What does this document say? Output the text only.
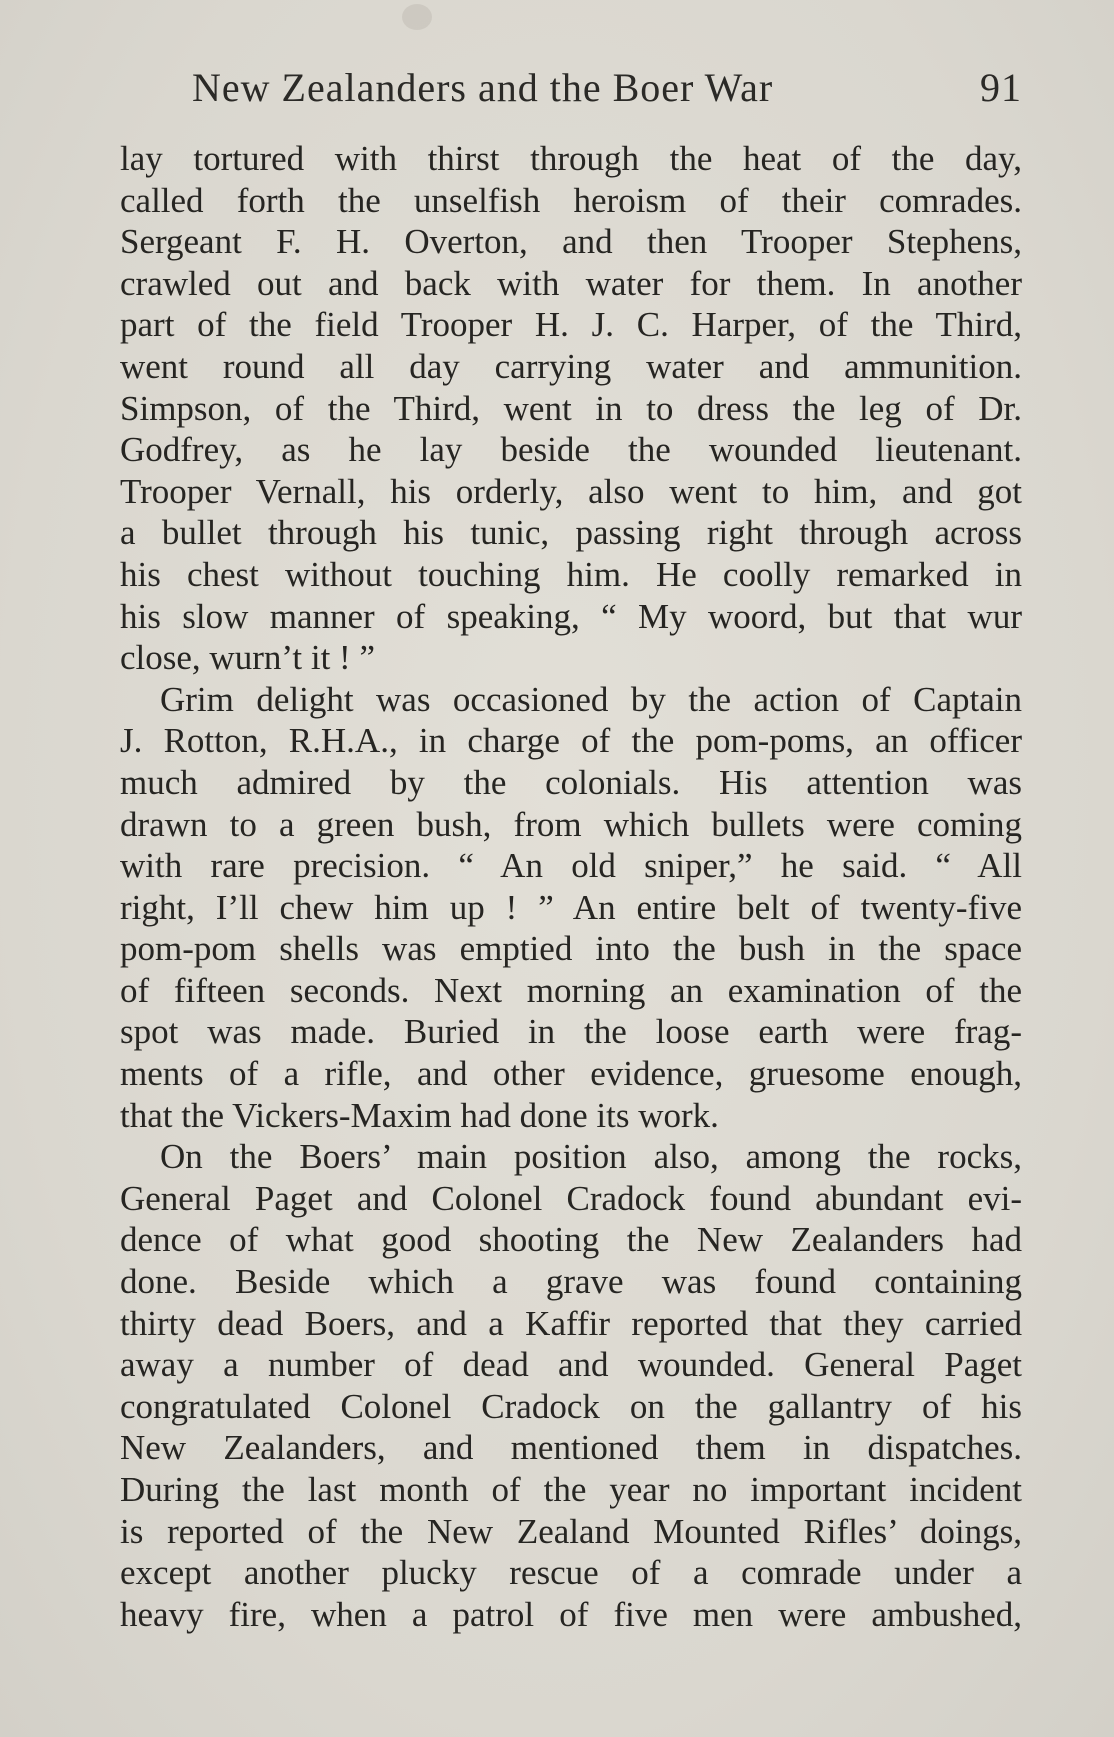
New Zealanders and the Boer War	91
lay tortured with thirst through the heat of the day,
called forth the unselfish heroism of their comrades.
Sergeant F. H. Overton, and then Trooper Stephens,
crawled out and back with water for them. In another
part of the field Trooper H. J. C. Harper, of the Third,
went round all day carrying water and ammunition.
Simpson, of the Third, went in to dress the leg of Dr.
Godfrey, as he lay beside the wounded lieutenant.
Trooper Vernall, his orderly, also went to him, and got
a bullet through his tunic, passing right through across
his chest without touching him. He coolly remarked in
his slow manner of speaking, “ My woord, but that wur
close, wurn’t it ! ”
Grim delight was occasioned by the action of Captain
J. Rotton, R.H.A., in charge of the pom-poms, an officer
much admired by the colonials. His attention was
drawn to a green bush, from which bullets were coming
with rare precision. “ An old sniper,” he said. “ All
right, I’ll chew him up ! ” An entire belt of twenty-five
pom-pom shells was emptied into the bush in the space
of fifteen seconds. Next morning an examination of the
spot was made. Buried in the loose earth were frag-
ments of a rifle, and other evidence, gruesome enough,
that the Vickers-Maxim had done its work.
On the Boers’ main position also, among the rocks,
General Paget and Colonel Cradock found abundant evi-
dence of what good shooting the New Zealanders had
done. Beside which a grave was found containing
thirty dead Boers, and a Kaffir reported that they carried
away a number of dead and wounded. General Paget
congratulated Colonel Cradock on the gallantry of his
New Zealanders, and mentioned them in dispatches.
During the last month of the year no important incident
is reported of the New Zealand Mounted Rifles’ doings,
except another plucky rescue of a comrade under a
heavy fire, when a patrol of five men were ambushed,
